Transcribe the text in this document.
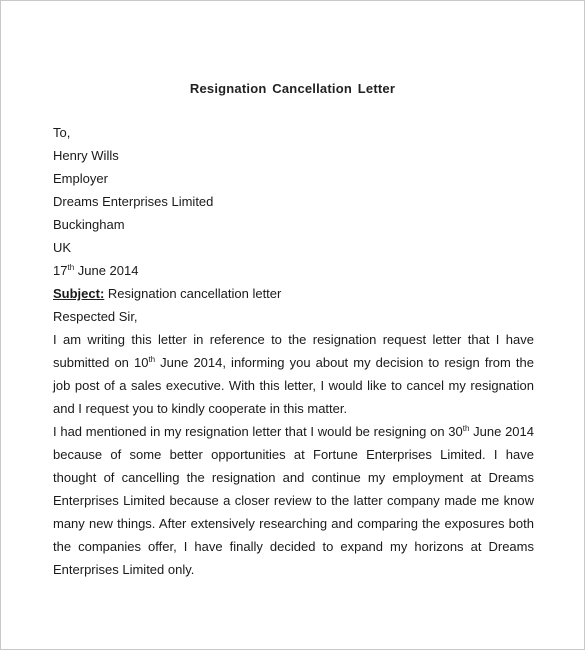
Resignation Cancellation Letter
To,
Henry Wills
Employer
Dreams Enterprises Limited
Buckingham
UK
17th June 2014
Subject: Resignation cancellation letter
Respected Sir,
I am writing this letter in reference to the resignation request letter that I have submitted on 10th June 2014, informing you about my decision to resign from the job post of a sales executive. With this letter, I would like to cancel my resignation and I request you to kindly cooperate in this matter.
I had mentioned in my resignation letter that I would be resigning on 30th June 2014 because of some better opportunities at Fortune Enterprises Limited. I have thought of cancelling the resignation and continue my employment at Dreams Enterprises Limited because a closer review to the latter company made me know many new things. After extensively researching and comparing the exposures both the companies offer, I have finally decided to expand my horizons at Dreams Enterprises Limited only.
